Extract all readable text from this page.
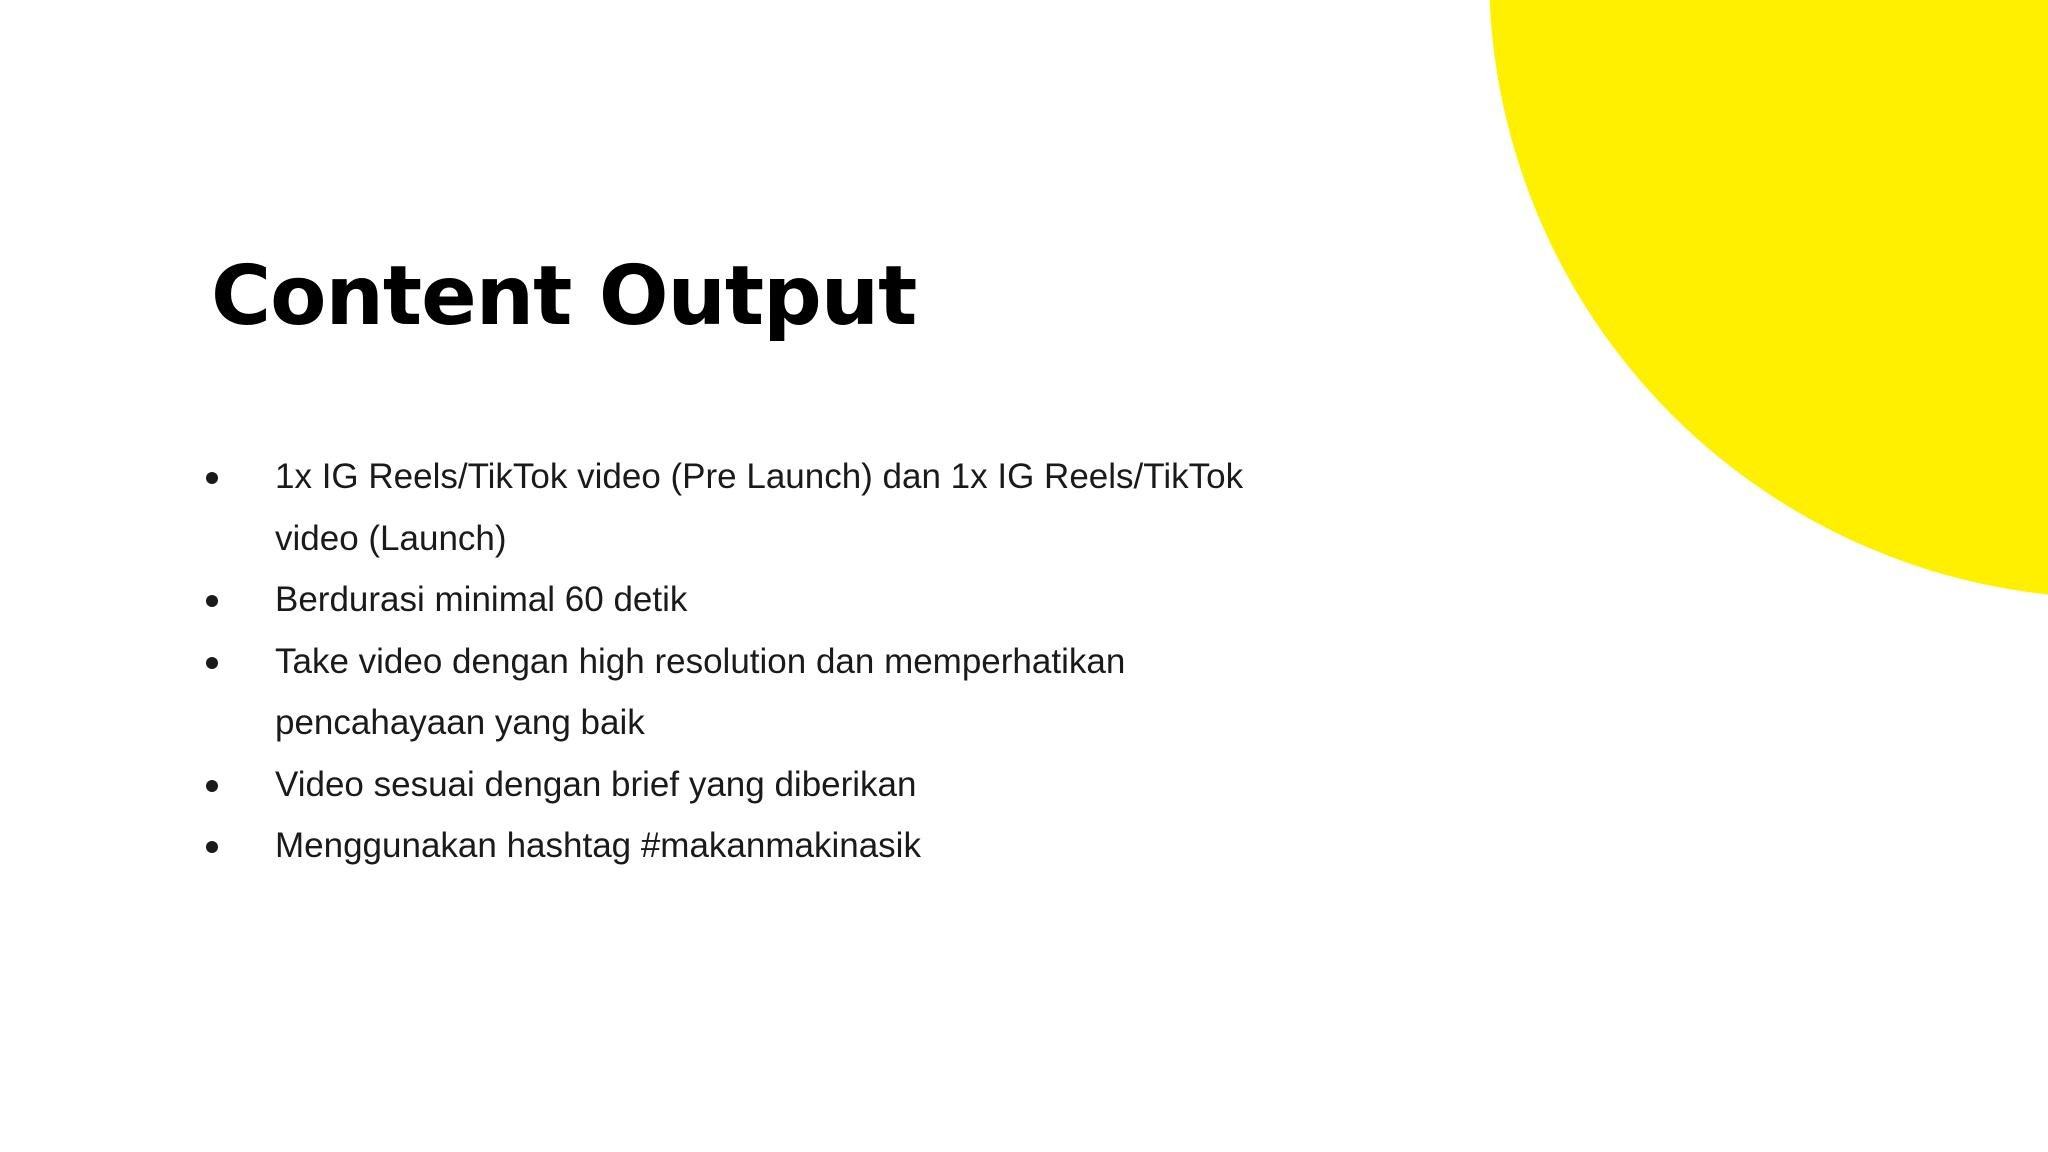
Content Output
1x IG Reels/TikTok video (Pre Launch) dan 1x IG Reels/TikTok video (Launch)
Berdurasi minimal 60 detik
Take video dengan high resolution dan memperhatikan pencahayaan yang baik
Video sesuai dengan brief yang diberikan
Menggunakan hashtag #makanmakinasik
